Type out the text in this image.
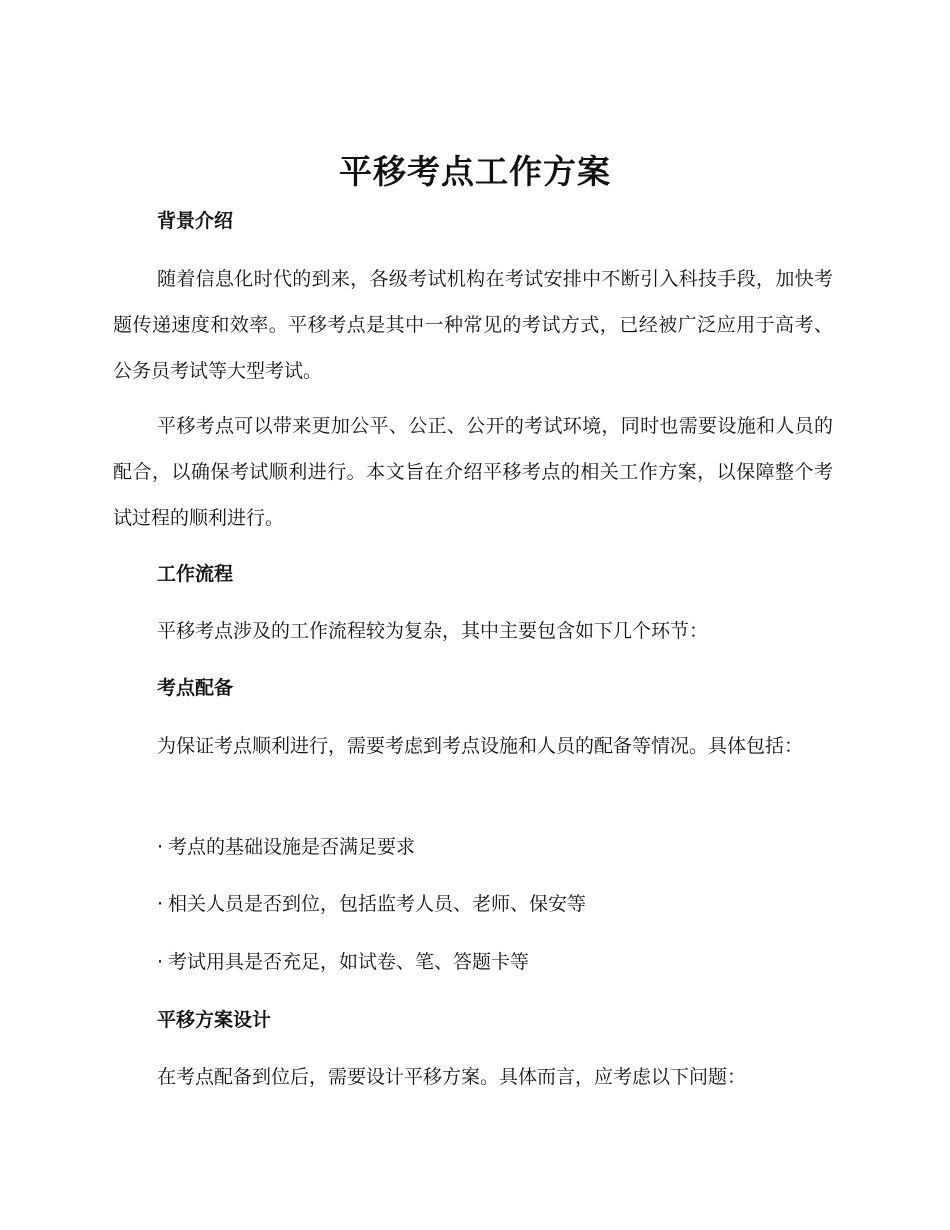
平移考点工作方案
背景介绍
随着信息化时代的到来，各级考试机构在考试安排中不断引入科技手段，加快考题传递速度和效率。平移考点是其中一种常见的考试方式，已经被广泛应用于高考、公务员考试等大型考试。
平移考点可以带来更加公平、公正、公开的考试环境，同时也需要设施和人员的配合，以确保考试顺利进行。本文旨在介绍平移考点的相关工作方案，以保障整个考试过程的顺利进行。
工作流程
平移考点涉及的工作流程较为复杂，其中主要包含如下几个环节：
考点配备
为保证考点顺利进行，需要考虑到考点设施和人员的配备等情况。具体包括：
· 考点的基础设施是否满足要求
· 相关人员是否到位，包括监考人员、老师、保安等
· 考试用具是否充足，如试卷、笔、答题卡等
平移方案设计
在考点配备到位后，需要设计平移方案。具体而言，应考虑以下问题：
